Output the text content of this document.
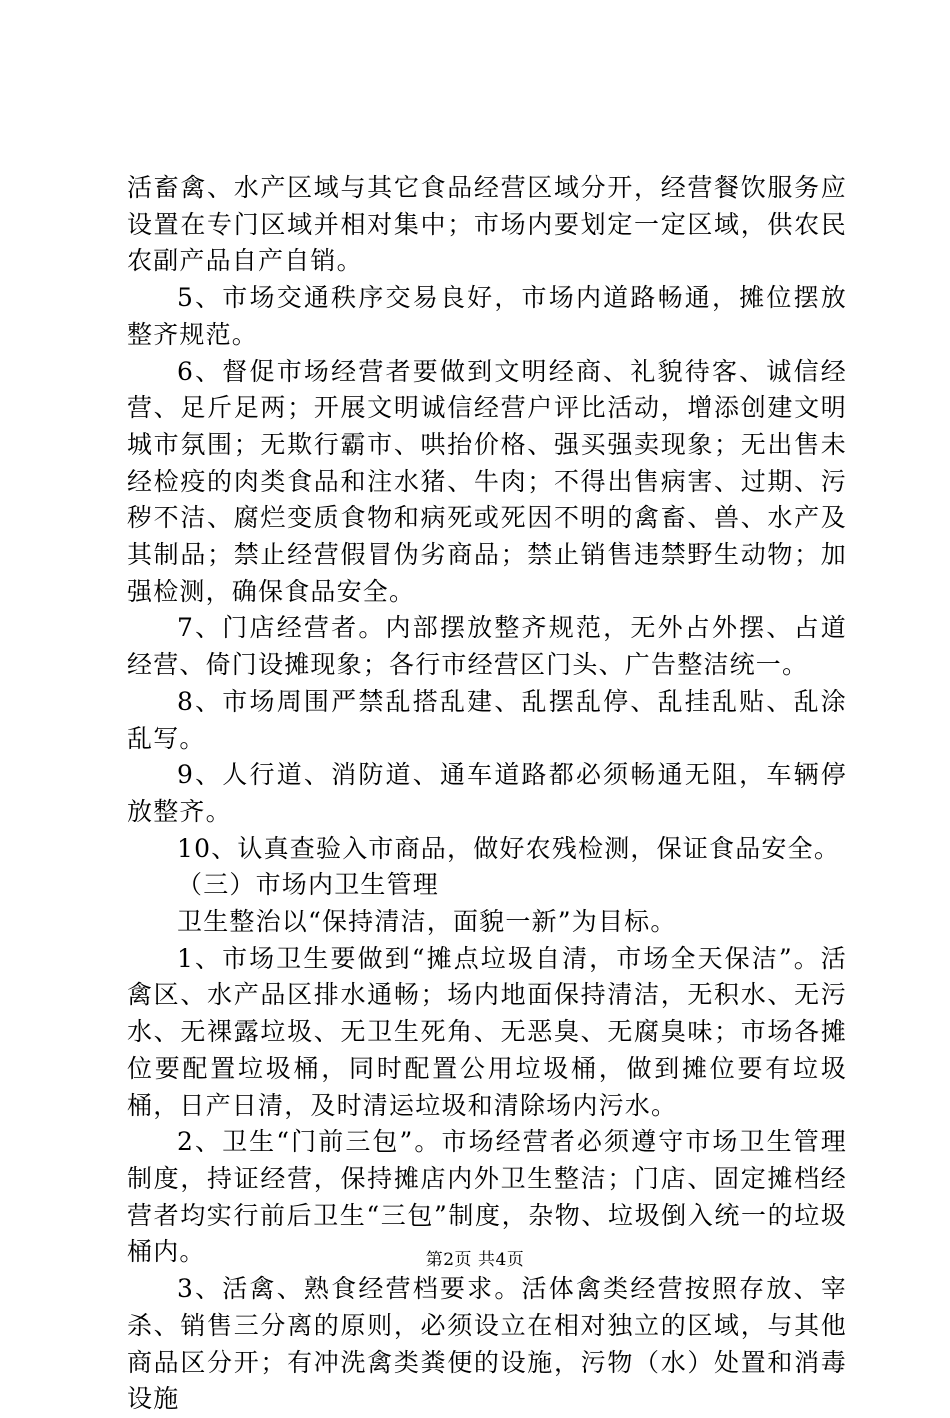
活畜禽、水产区域与其它食品经营区域分开，经营餐饮服务应设置在专门区域并相对集中；市场内要划定一定区域，供农民农副产品自产自销。

5、市场交通秩序交易良好，市场内道路畅通，摊位摆放整齐规范。

6、督促市场经营者要做到文明经商、礼貌待客、诚信经营、足斤足两；开展文明诚信经营户评比活动，增添创建文明城市氛围；无欺行霸市、哄抬价格、强买强卖现象；无出售未经检疫的肉类食品和注水猪、牛肉；不得出售病害、过期、污秽不洁、腐烂变质食物和病死或死因不明的禽畜、兽、水产及其制品；禁止经营假冒伪劣商品；禁止销售违禁野生动物；加强检测，确保食品安全。

7、门店经营者。内部摆放整齐规范，无外占外摆、占道经营、倚门设摊现象；各行市经营区门头、广告整洁统一。

8、市场周围严禁乱搭乱建、乱摆乱停、乱挂乱贴、乱涂乱写。

9、人行道、消防道、通车道路都必须畅通无阻，车辆停放整齐。

10、认真查验入市商品，做好农残检测，保证食品安全。

（三）市场内卫生管理

卫生整治以“保持清洁，面貌一新”为目标。

1、市场卫生要做到“摊点垃圾自清，市场全天保洁”。活禽区、水产品区排水通畅；场内地面保持清洁，无积水、无污水、无裸露垃圾、无卫生死角、无恶臭、无腐臭味；市场各摊位要配置垃圾桶，同时配置公用垃圾桶，做到摊位要有垃圾桶，日产日清，及时清运垃圾和清除场内污水。

2、卫生“门前三包”。市场经营者必须遵守市场卫生管理制度，持证经营，保持摊店内外卫生整洁；门店、固定摊档经营者均实行前后卫生“三包”制度，杂物、垃圾倒入统一的垃圾桶内。

3、活禽、熟食经营档要求。活体禽类经营按照存放、宰杀、销售三分离的原则，必须设立在相对独立的区域，与其他商品区分开；有冲洗禽类粪便的设施，污物（水）处置和消毒设施

第2页 共4页
